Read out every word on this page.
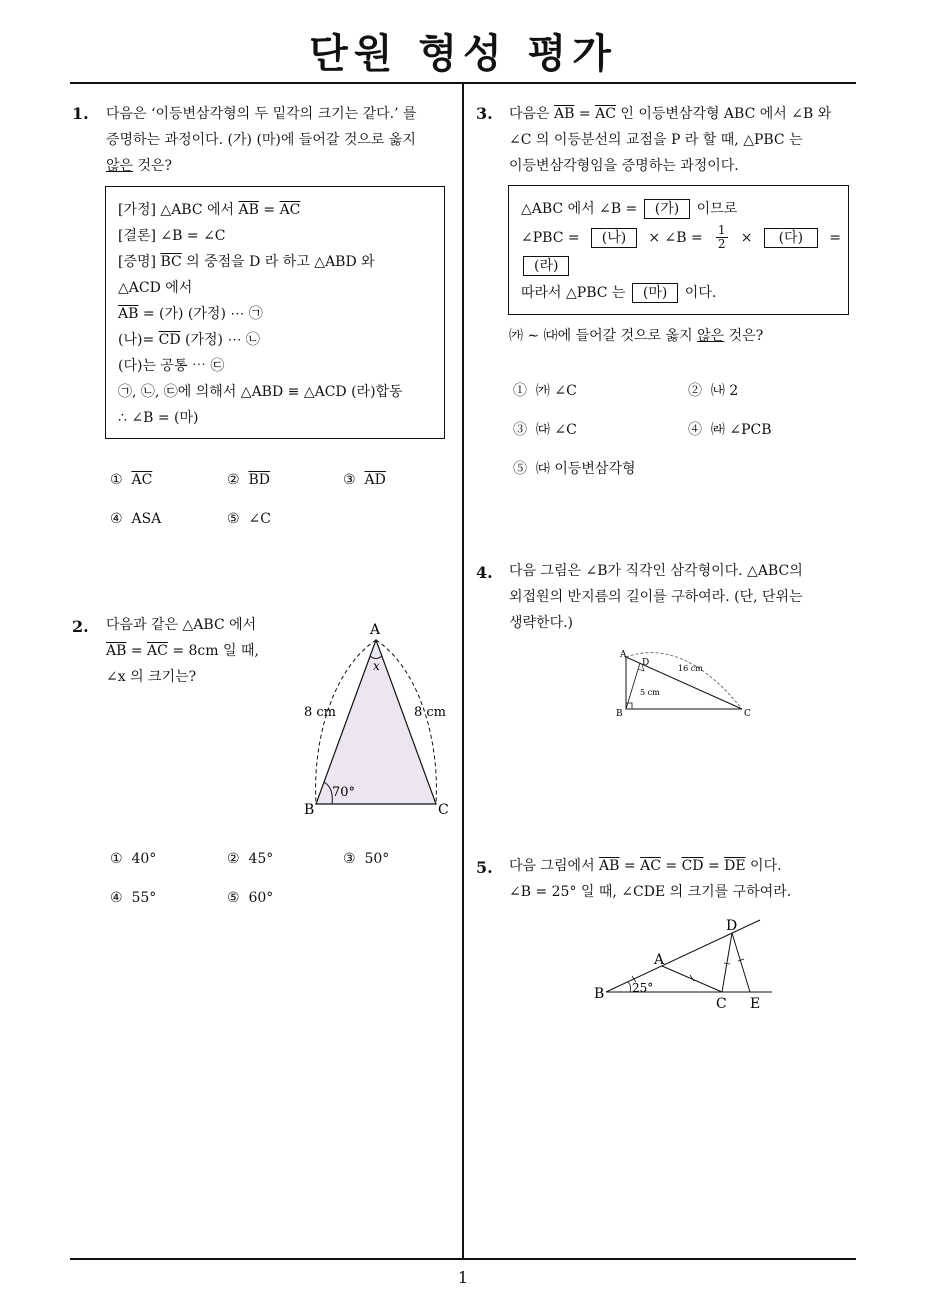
단원 형성 평가
1
1. 다음은 ‘이등변삼각형의 두 밑각의 크기는 같다.’ 를
증명하는 과정이다. (가) (마)에 들어갈 것으로 옳지
않은 것은?
[가정] △ABC 에서 $\overline{AB} = \overline{AC}$
[결론] ∠B = ∠C
[증명] $\overline{BC}$ 의 중점을 D 라 하고 △ABD 와
△ACD 에서
$\overline{AB}$ = (가) (가정) ⋯ ㉠
(나)= $\overline{CD}$ (가정) ⋯ ㉡
(다)는 공통 ⋯ ㉢
㉠, ㉡, ㉢에 의해서 △ABD ≡ △ACD (라)합동
∴ ∠B = (마)
① $\overline{AC}$	② $\overline{BD}$	③ $\overline{AD}$
④ ASA	⑤ ∠C
2. 다음과 같은 △ABC 에서
$\overline{AB} = \overline{AC} = 8cm$ 일 때,
∠x 의 크기는?
A
x
B	C
8 cm	8 cm
70°
① 40°	② 45°	③ 50°
④ 55°	⑤ 60°
3. 다음은 $\overline{AB} = \overline{AC}$ 인 이등변삼각형 ABC 에서 ∠B 와
∠C 의 이등분선의 교점을 P 라 할 때, △PBC 는
이등변삼각형임을 증명하는 과정이다.
△ABC 에서 ∠B = (가) 이므로
∠PBC =	(나)	× ∠B = $\frac{1}{2}$ ×	(다)	=
(라)
따라서 △PBC 는 (마) 이다.
㈎ ∼ ㈐에 들어갈 것으로 옳지 않은 것은?
① ㈎ ∠C	② ㈏ 2
③ ㈐ ∠C	④ ㈑ ∠PCB
⑤ ㈐ 이등변삼각형
4. 다음 그림은 ∠B가 직각인 삼각형이다. △ABC의
외접원의 반지름의 길이를 구하여라. (단, 단위는
생략한다.)
A
D
B	C
16 cm
5 cm
5. 다음 그림에서 $\overline{AB} = \overline{AC} = \overline{CD} = \overline{DE}$ 이다.
∠B = 25° 일 때, ∠CDE 의 크기를 구하여라.
B
A
C
D
E
25°
